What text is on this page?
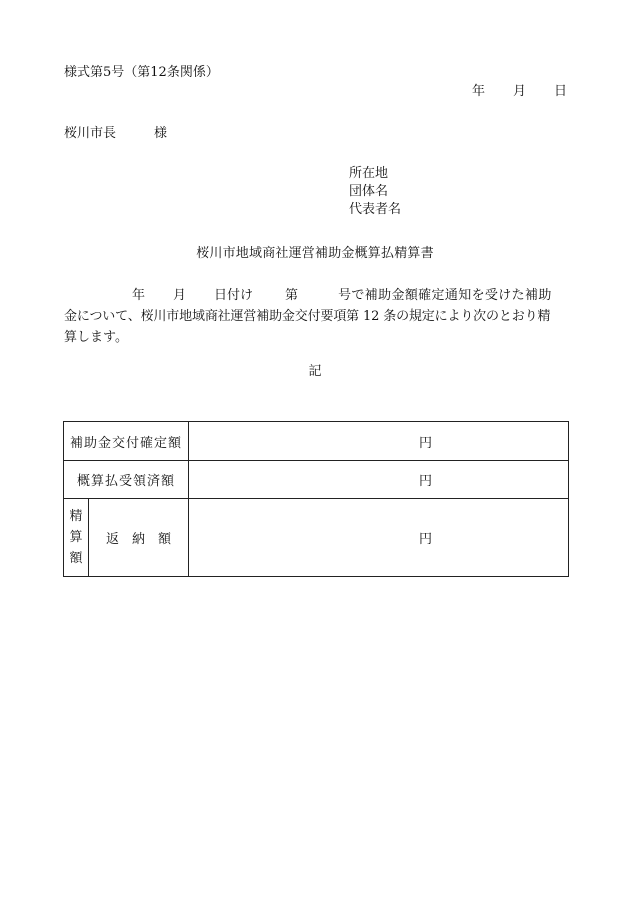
様式第5号（第12条関係）
年 月 日
桜川市長	様
所在地
団体名
代表者名
桜川市地域商社運営補助金概算払精算書
年 月 日付け 第	号で補助金額確定通知を受けた補助
金について、桜川市地域商社運営補助金交付要項第 12 条の規定により次のとおり精
算します。
記
補助金交付確定額		円
概算払受領済額		円

精
算
額	返　納　額	円
